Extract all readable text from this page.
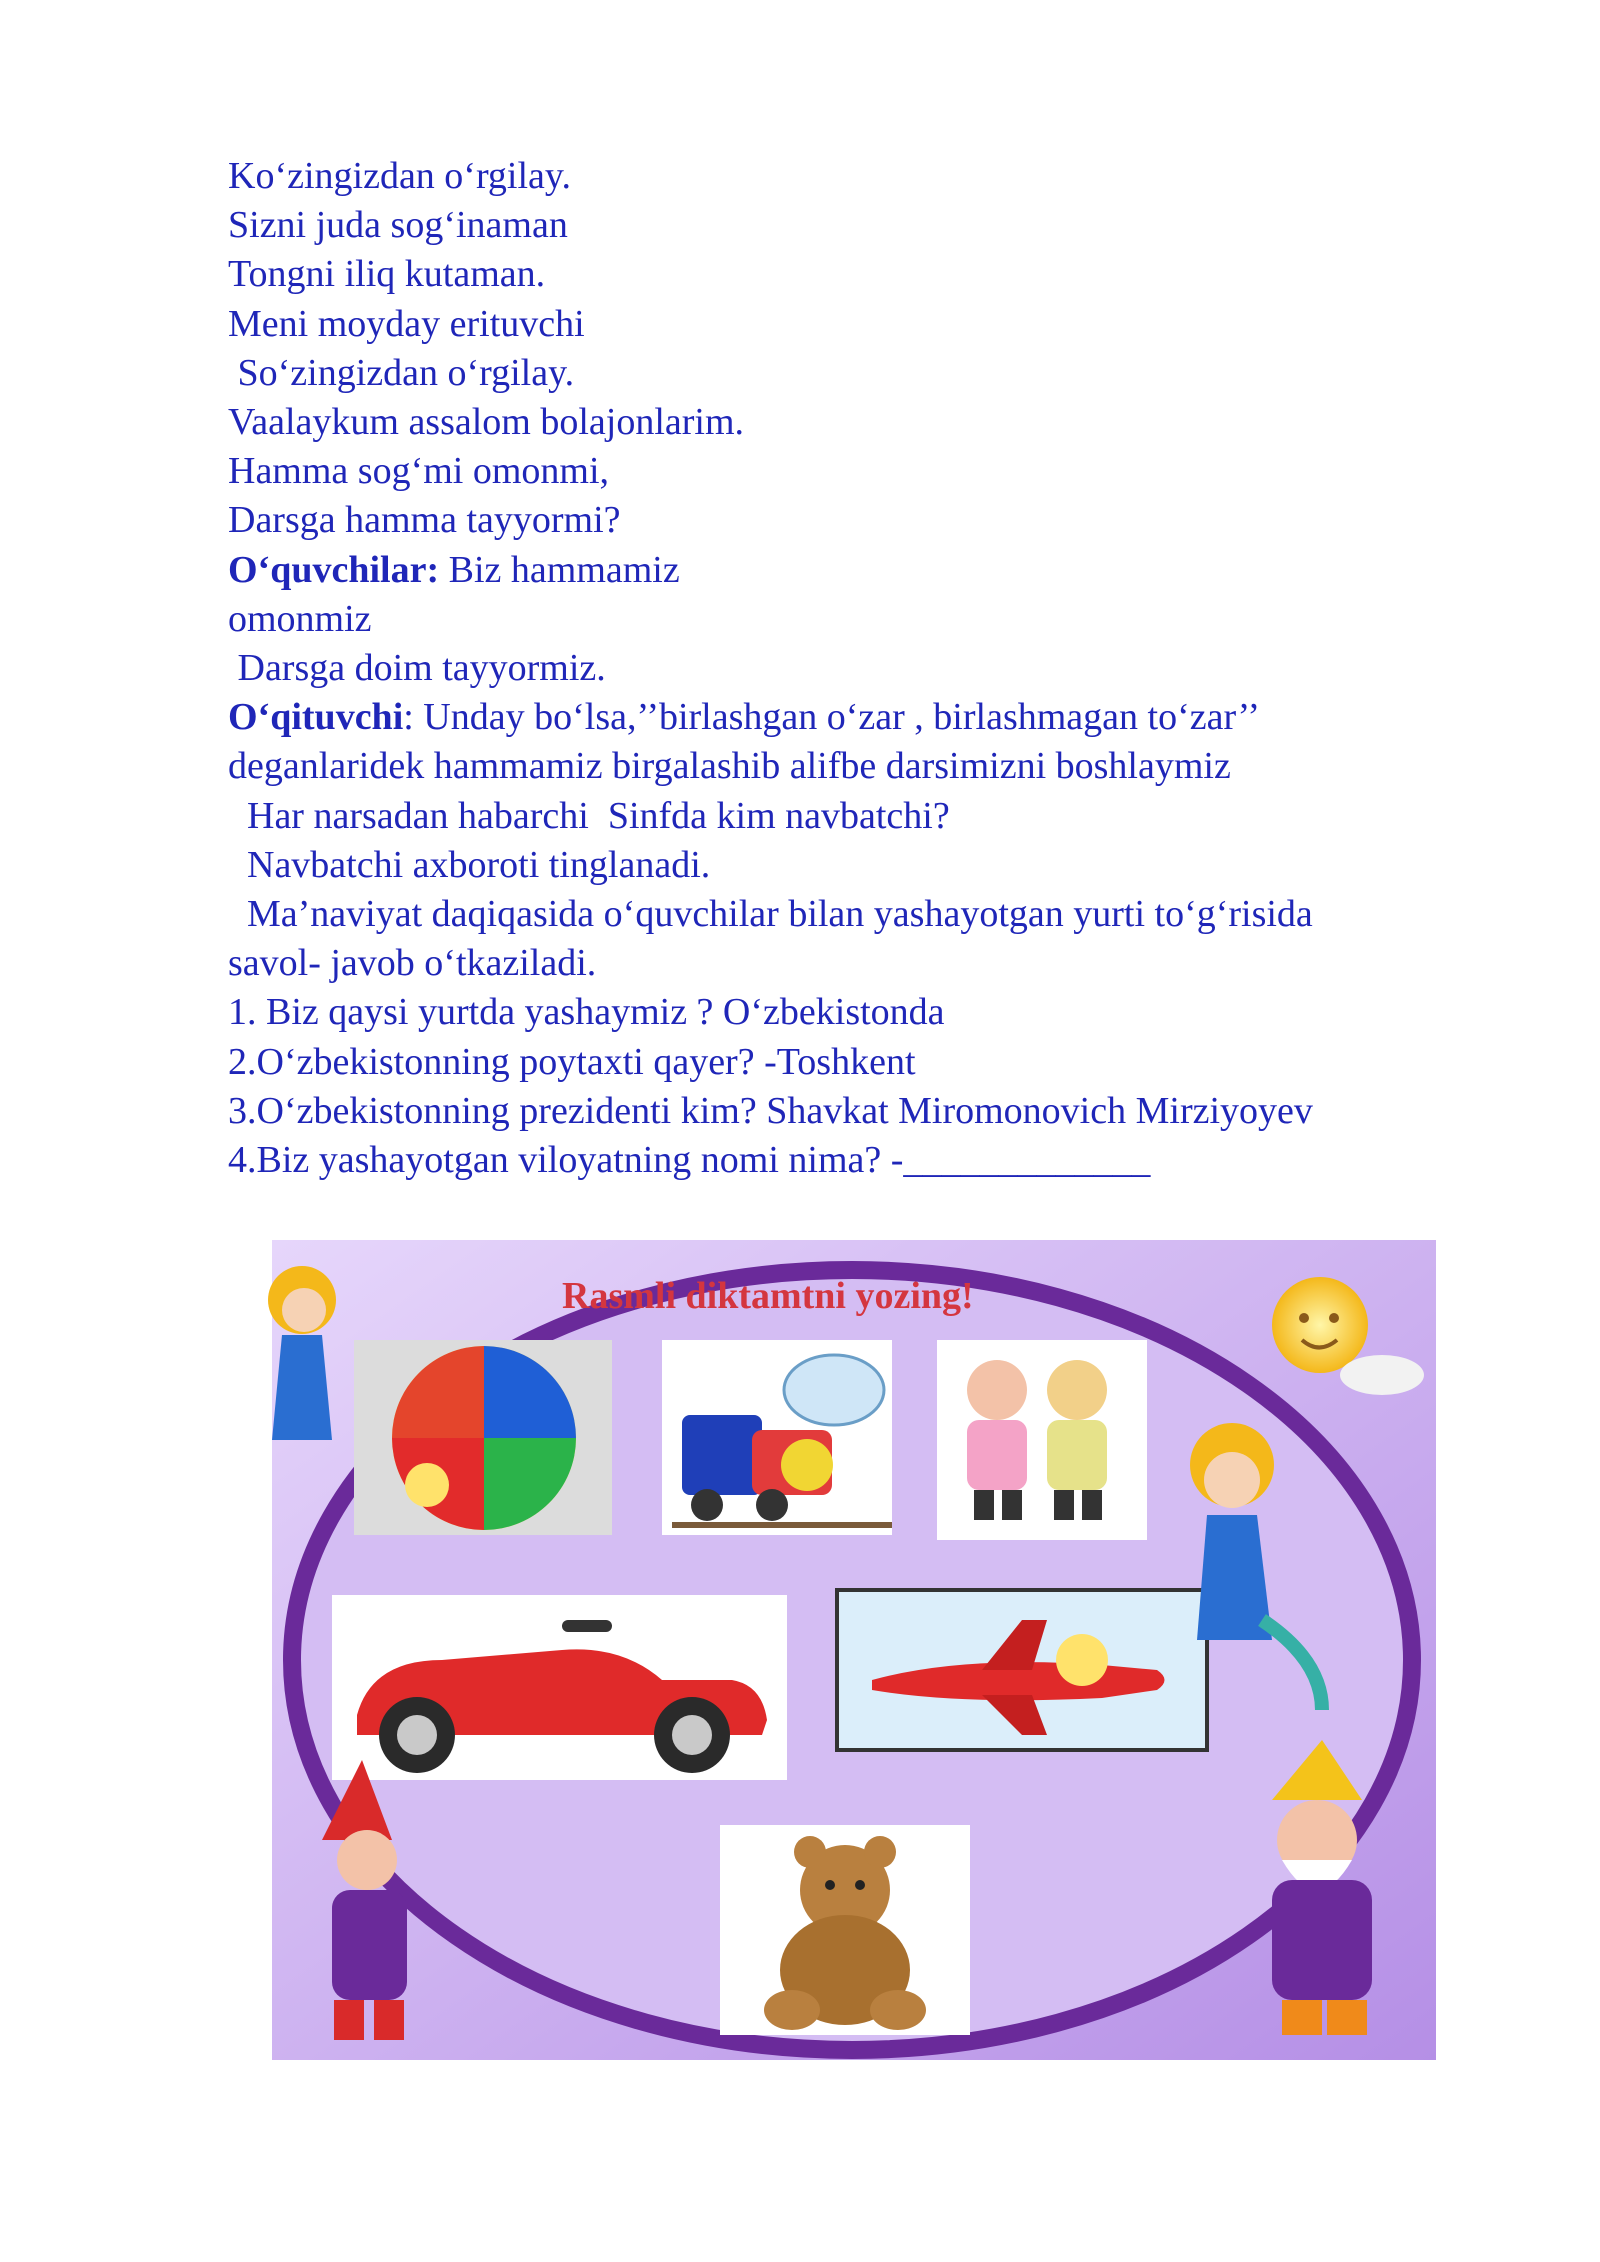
Ko‘zingizdan o‘rgilay.
Sizni juda sog‘inaman
Tongni iliq kutaman.
Meni moyday erituvchi
So‘zingizdan o‘rgilay.
Vaalaykum assalom bolajonlarim.
Hamma sog‘mi omonmi,
Darsga hamma tayyormi?
O‘quvchilar: Biz hammamiz
omonmiz
Darsga doim tayyormiz.
O‘qituvchi: Unday bo‘lsa,’’birlashgan o‘zar , birlashmagan to‘zar’’
deganlaridek hammamiz birgalashib alifbe darsimizni boshlaymiz
Har narsadan habarchi  Sinfda kim navbatchi?
Navbatchi axboroti tinglanadi.
Ma’naviyat daqiqasida o‘quvchilar bilan yashayotgan yurti to‘g‘risida
savol- javob o‘tkaziladi.
1. Biz qaysi yurtda yashaymiz ? O‘zbekistonda
2.O‘zbekistonning poytaxti qayer? -Toshkent
3.O‘zbekistonning prezidenti kim? Shavkat Miromonovich Mirziyoyev
4.Biz yashayotgan viloyatning nomi nima? -_____________
Rasmli diktamtni yozing!
